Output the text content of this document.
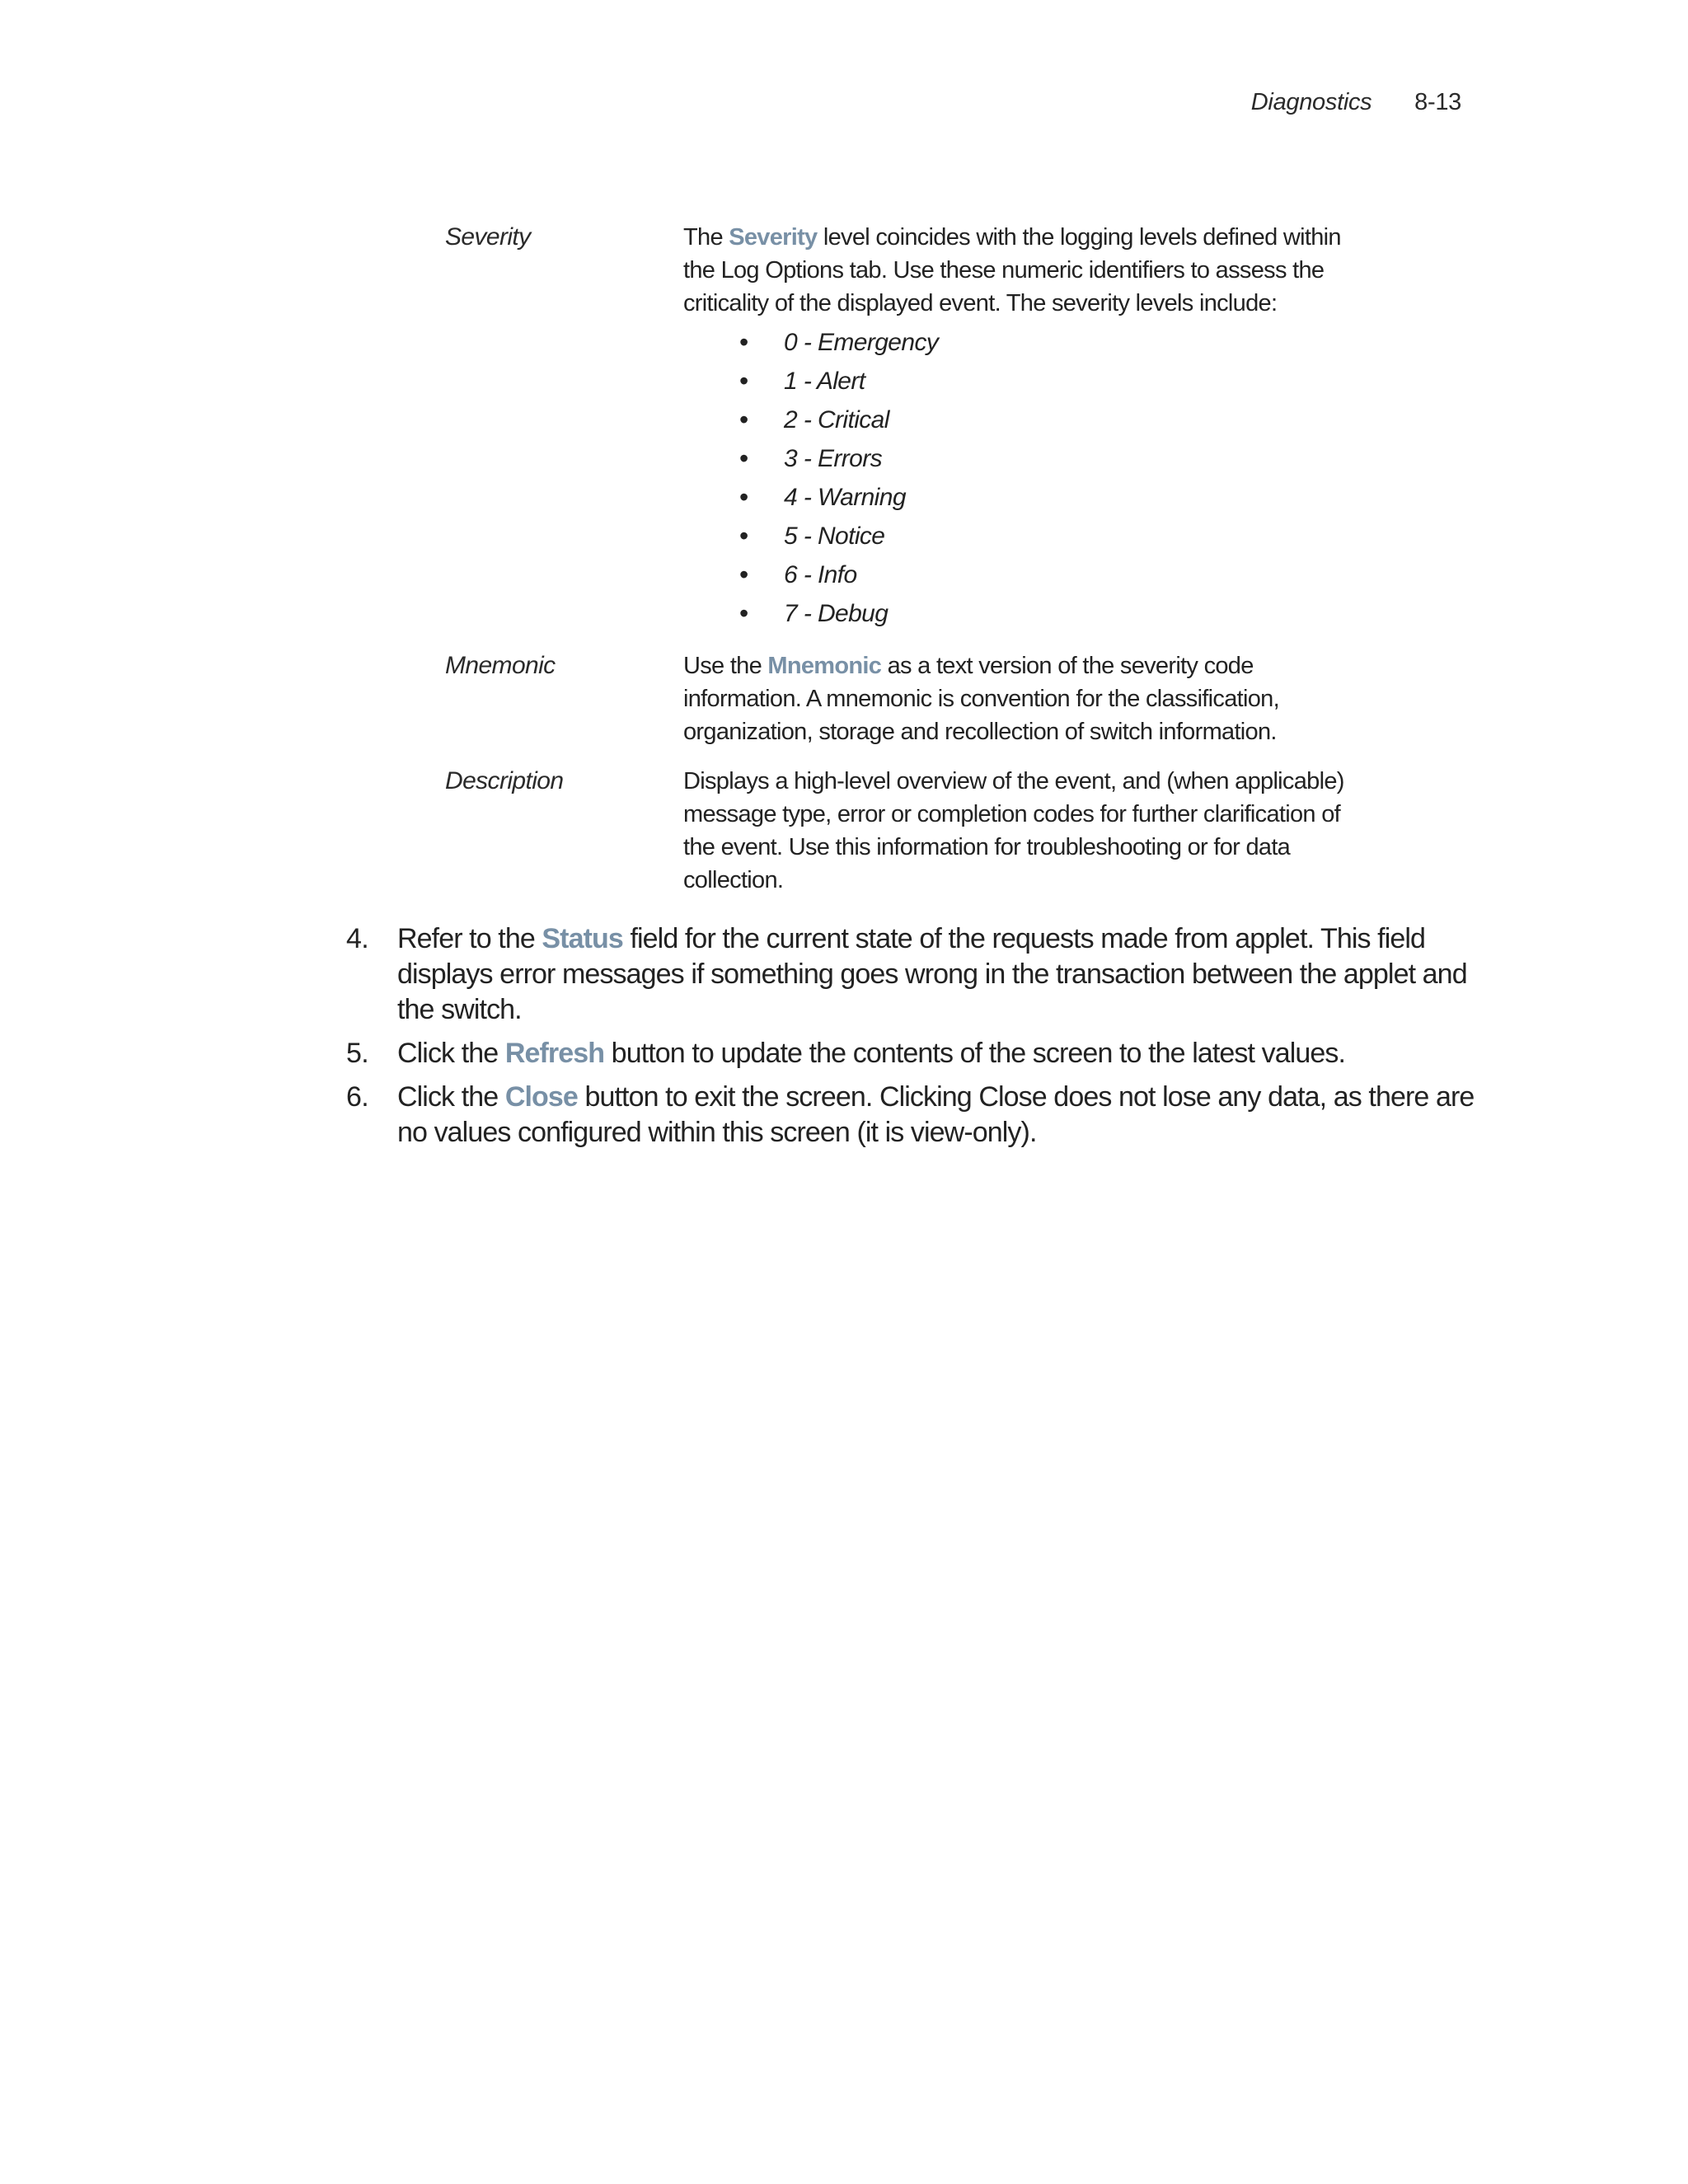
Diagnostics 8-13
Severity	The Severity level coincides with the logging levels defined within the Log Options tab. Use these numeric identifiers to assess the criticality of the displayed event. The severity levels include:
• 0 - Emergency
• 1 - Alert
• 2 - Critical
• 3 - Errors
• 4 - Warning
• 5 - Notice
• 6 - Info
• 7 - Debug
Mnemonic	Use the Mnemonic as a text version of the severity code information. A mnemonic is convention for the classification, organization, storage and recollection of switch information.
Description	Displays a high-level overview of the event, and (when applicable) message type, error or completion codes for further clarification of the event. Use this information for troubleshooting or for data collection.
4.	Refer to the Status field for the current state of the requests made from applet. This field displays error messages if something goes wrong in the transaction between the applet and the switch.
5.	Click the Refresh button to update the contents of the screen to the latest values.
6.	Click the Close button to exit the screen. Clicking Close does not lose any data, as there are no values configured within this screen (it is view-only).
